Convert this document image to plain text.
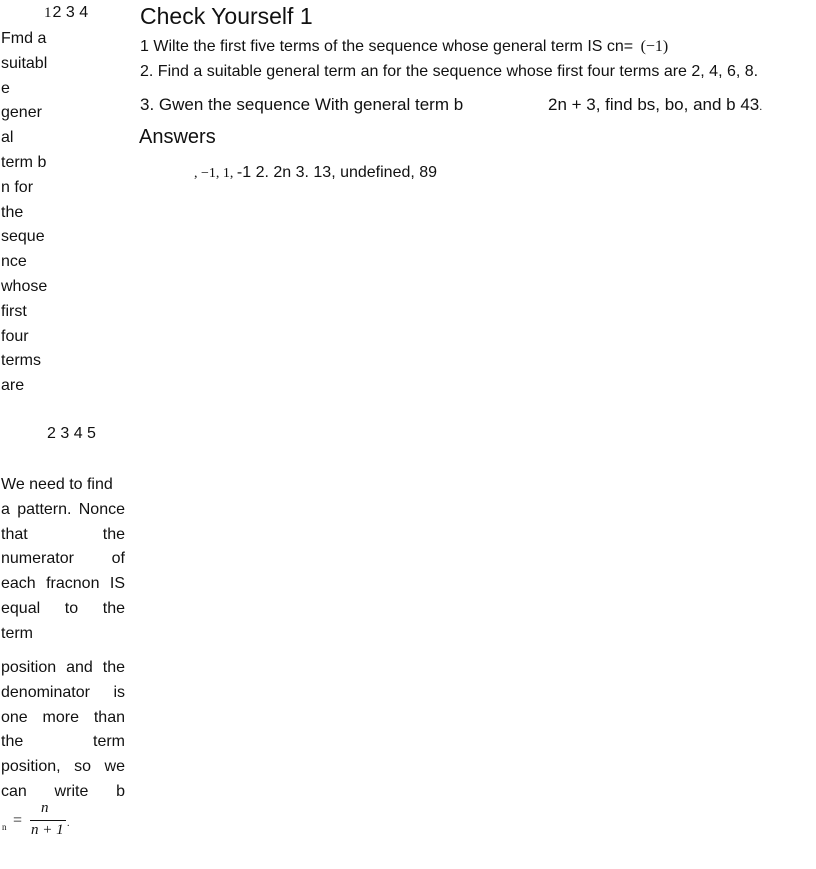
12 3 4
Fmd a
suitabl
e
gener
al
term b
n for
the
seque
nce
whose
first
four
terms
are
2 3 4 5
We need to find
a pattern. Nonce
that the
numerator of
each fracnon IS
equal to the
term
position and the
denominator is
one more than
the term
position, so we
can write b
n =
n
n + 1 .
Check Yourself 1
1 Wilte the first five terms of the sequence whose general term IS cn= (−1)
2. Find a suitable general term an for the sequence whose first four terms are 2, 4, 6, 8.
3. Gwen the sequence With general term b	2n + 3, find bs, bo, and b 43.
Answers
, −1, 1, -1 2. 2n 3. 13, undefined, 89
